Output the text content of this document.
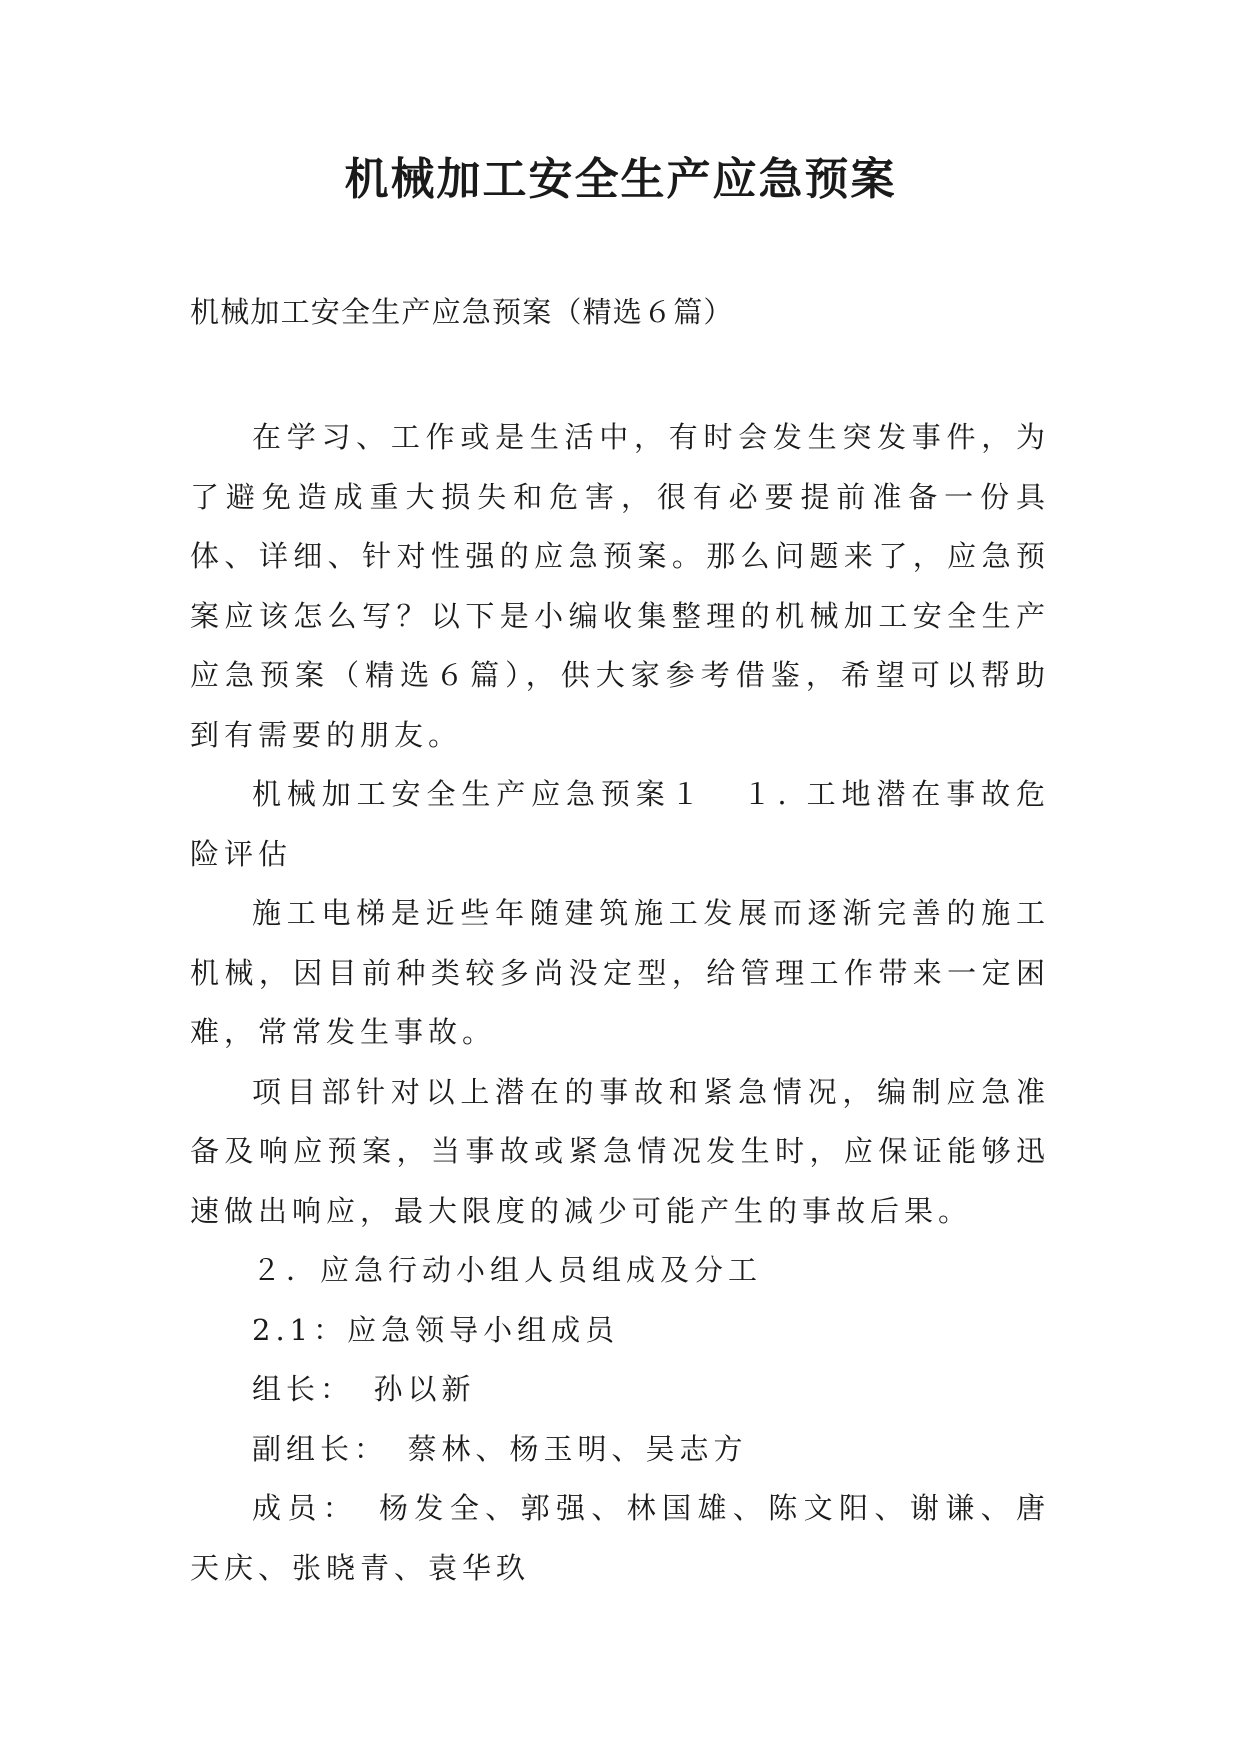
机械加工安全生产应急预案

机械加工安全生产应急预案（精选６篇）

在学习、工作或是生活中，有时会发生突发事件，为了避免造成重大损失和危害，很有必要提前准备一份具体、详细、针对性强的应急预案。那么问题来了，应急预案应该怎么写？以下是小编收集整理的机械加工安全生产应急预案（精选６篇），供大家参考借鉴，希望可以帮助到有需要的朋友。

机械加工安全生产应急预案１ １. 工地潜在事故危险评估

施工电梯是近些年随建筑施工发展而逐渐完善的施工机械，因目前种类较多尚没定型，给管理工作带来一定困难，常常发生事故。

项目部针对以上潜在的事故和紧急情况，编制应急准备及响应预案，当事故或紧急情况发生时，应保证能够迅速做出响应，最大限度的减少可能产生的事故后果。

２．应急行动小组人员组成及分工

2.1：应急领导小组成员

组长：　孙以新

副组长：　蔡林、杨玉明、吴志方

成员：　杨发全、郭强、林国雄、陈文阳、谢谦、唐天庆、张晓青、袁华玖
